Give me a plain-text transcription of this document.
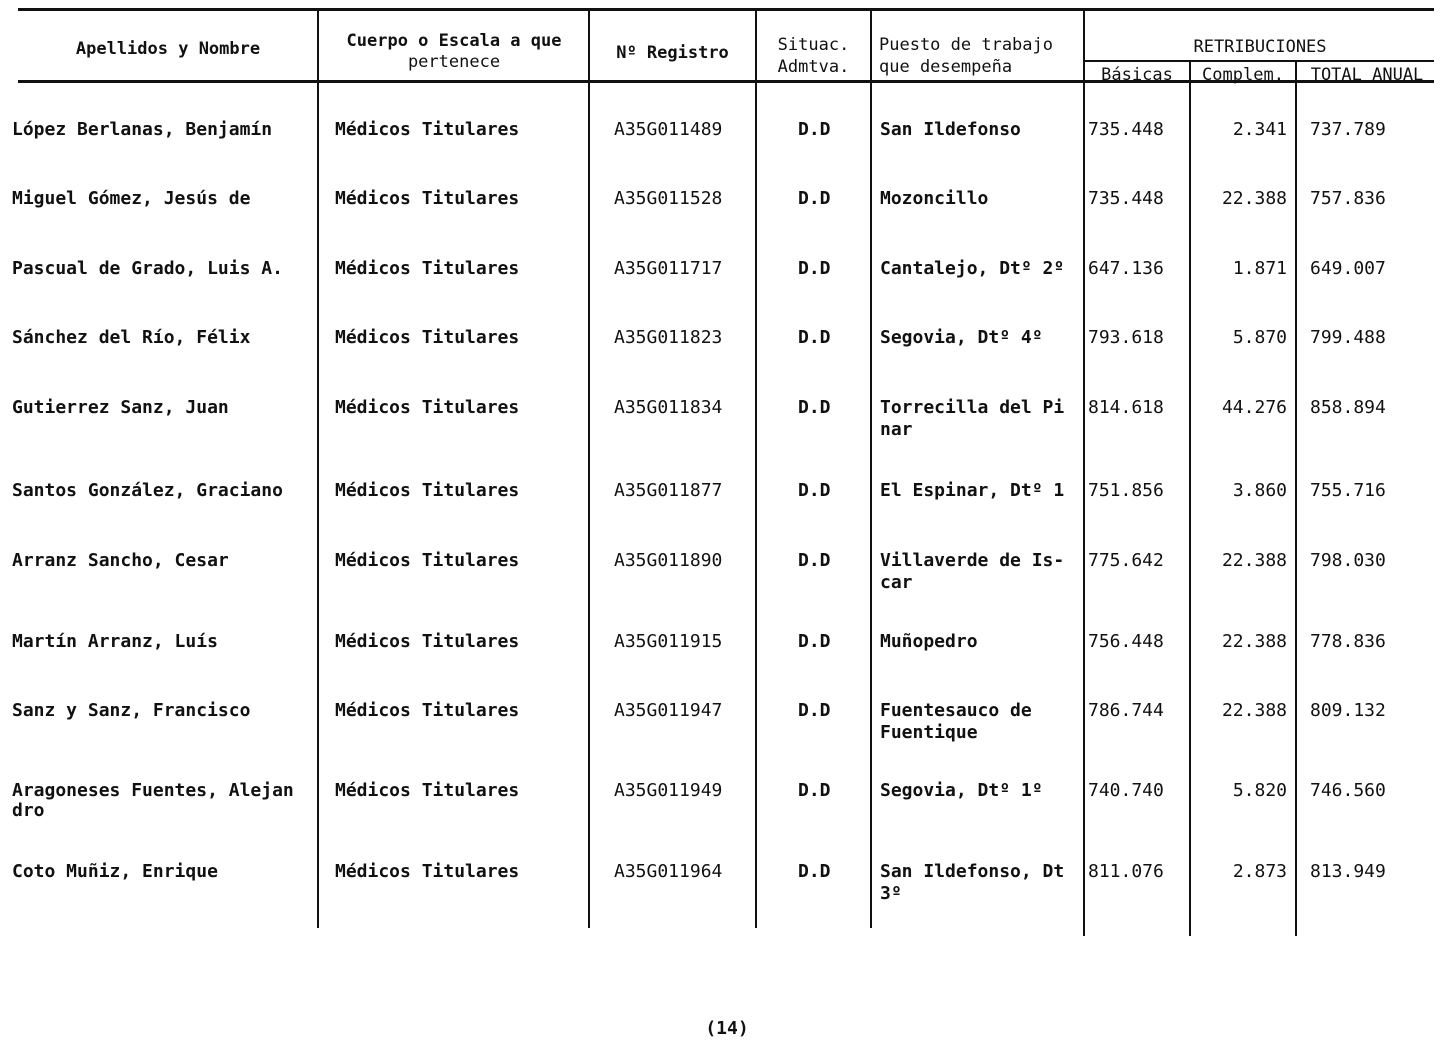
Apellidos y Nombre	Cuerpo o Escala a que
pertenece	Nº Registro	Situac.
Admtva.
Puesto de trabajo
que desempeña
RETRIBUCIONES
Básicas	Complem.	TOTAL ANUAL
López Berlanas, Benjamín	Médicos Titulares	A35G011489	D.D	San Ildefonso	735.448	2.341 737.789
Miguel Gómez, Jesús de	Médicos Titulares	A35G011528	D.D	Mozoncillo	735.448	22.388 757.836
Pascual de Grado, Luis A.	Médicos Titulares	A35G011717	D.D	Cantalejo, Dtº 2º 647.136	1.871 649.007
Sánchez del Río, Félix	Médicos Titulares	A35G011823	D.D	Segovia, Dtº 4º	793.618	5.870 799.488
Gutierrez Sanz, Juan	Médicos Titulares	A35G011834	D.D	Torrecilla del Pi 814.618	44.276 858.894
nar
Santos González, Graciano	Médicos Titulares	A35G011877	D.D	El Espinar, Dtº 1 751.856	3.860 755.716
Arranz Sancho, Cesar	Médicos Titulares	A35G011890	D.D	Villaverde de Is- 775.642	22.388 798.030
car
Martín Arranz, Luís	Médicos Titulares	A35G011915	D.D	Muñopedro	756.448	22.388 778.836
Sanz y Sanz, Francisco	Médicos Titulares	A35G011947	D.D	Fuentesauco de	786.744	22.388 809.132
Fuentique
Aragoneses Fuentes, Alejan Médicos Titulares	A35G011949	D.D	Segovia, Dtº 1º	740.740	5.820 746.560
dro
Coto Muñiz, Enrique	Médicos Titulares	A35G011964	D.D	San Ildefonso, Dt 811.076	2.873 813.949
3º
(14)
